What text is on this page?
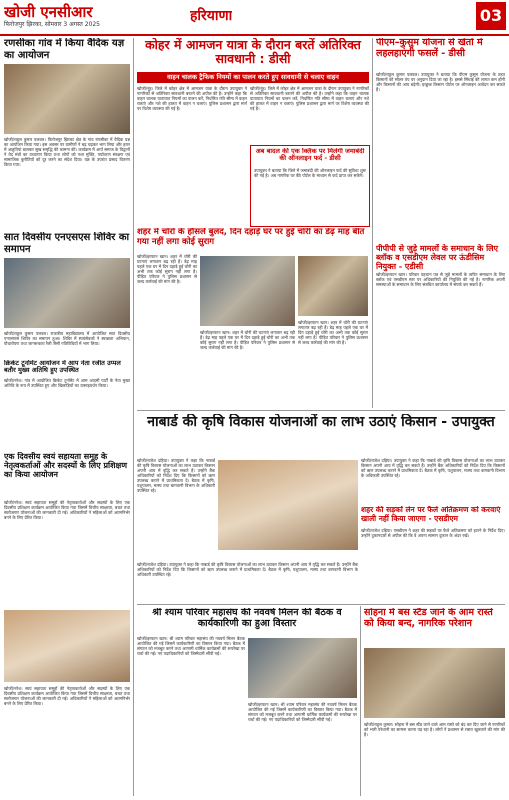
खोजी एनसीआर
फिरोजपुर झिरका, सोमवार 3 अगस्त 2025
हरियाणा	03
रणसीका गांव में किया वैदिक यज्ञ का आयोजन
खोजी/राहुल कुमार पलवल। फिरोजपुर झिरका क्षेत्र के गांव रणसीका में वैदिक यज्ञ का आयोजन किया गया। इस अवसर पर ग्रामीणों ने बढ़ चढ़कर भाग लिया और हवन में आहुतियां डालकर सुख समृद्धि की कामना की। कार्यक्रम में आर्य समाज के विद्वानों ने वेद मंत्रों का उच्चारण किया तथा लोगों को नशा मुक्ति, पर्यावरण संरक्षण एवं सामाजिक कुरीतियों को दूर करने का संदेश दिया। यज्ञ के उपरांत प्रसाद वितरण किया गया।
सात दिवसीय एनएसएस शिविर का समापन
खोजी/राहुल कुमार पलवल। राजकीय महाविद्यालय में आयोजित सात दिवसीय एनएसएस शिविर का समापन हुआ। शिविर में स्वयंसेवकों ने स्वच्छता अभियान, पौधारोपण तथा जागरूकता रैली जैसी गतिविधियों में भाग लिया।
क्रिकेट टूर्नामेंट आयोजन में आप नेता रजीत उप्पल बतौर मुख्य अतिथि हुए उपस्थित
खोजी/नरेश। गांव में आयोजित क्रिकेट टूर्नामेंट में आम आदमी पार्टी के नेता मुख्य अतिथि के रूप में उपस्थित हुए और खिलाड़ियों का उत्साहवर्धन किया।
एक दिवसीय स्वयं सहायता समूह के नेतृत्वकर्ताओं और सदस्यों के लिए प्रशिक्षण का किया आयोजन
खोजी/नरेश। स्वयं सहायता समूहों की नेतृत्वकर्ताओं और सदस्यों के लिए एक दिवसीय प्रशिक्षण कार्यक्रम आयोजित किया गया जिसमें वित्तीय साक्षरता, बचत तथा स्वरोजगार योजनाओं की जानकारी दी गई। अधिकारियों ने महिलाओं को आत्मनिर्भर बनने के लिए प्रेरित किया।
खोजी/नरेश। स्वयं सहायता समूहों की नेतृत्वकर्ताओं और सदस्यों के लिए एक दिवसीय प्रशिक्षण कार्यक्रम आयोजित किया गया जिसमें वित्तीय साक्षरता, बचत तथा स्वरोजगार योजनाओं की जानकारी दी गई। अधिकारियों ने महिलाओं को आत्मनिर्भर बनने के लिए प्रेरित किया।
कोहर में आमजन यात्रा के दौरान बरतें अतिरिक्त सावधानी : डीसी
वाहन चालक ट्रैफिक नियमों का पालन करते हुए सावधानी से चलाए वाहन
खोजी/नूंह। जिले में कोहर क्षेत्र में आमजन यात्रा के दौरान उपायुक्त ने नागरिकों से अतिरिक्त सावधानी बरतने की अपील की है। उन्होंने कहा कि वाहन चालक यातायात नियमों का पालन करें, निर्धारित गति सीमा में वाहन चलाएं और नशे की हालत में वाहन न चलाएं। पुलिस प्रशासन द्वारा मार्ग पर विशेष व्यवस्था की गई है।
खोजी/नूंह। जिले में कोहर क्षेत्र में आमजन यात्रा के दौरान उपायुक्त ने नागरिकों से अतिरिक्त सावधानी बरतने की अपील की है। उन्होंने कहा कि वाहन चालक यातायात नियमों का पालन करें, निर्धारित गति सीमा में वाहन चलाएं और नशे की हालत में वाहन न चलाएं। पुलिस प्रशासन द्वारा मार्ग पर विशेष व्यवस्था की गई है।
अब बादल की एक क्लिक पर मिलेगी जमाबंदी की ऑनलाइन फर्द - डीसी
उपायुक्त ने बताया कि जिले में जमाबंदी की ऑनलाइन फर्द की सुविधा शुरू की गई है। अब नागरिक घर बैठे पोर्टल के माध्यम से फर्द प्राप्त कर सकेंगे।
शहर में चोरों के हौसले बुलंद, दिन दहाड़े घर पर हुई चोरी का डेढ़ माह बीत गया नहीं लगा कोई सुराग
खोजी/इरफान खान। शहर में चोरी की घटनाएं लगातार बढ़ रही हैं। डेढ़ माह पहले एक घर में दिन दहाड़े हुई चोरी का अभी तक कोई सुराग नहीं लगा है। पीड़ित परिवार ने पुलिस प्रशासन से जल्द कार्रवाई की मांग की है।
खोजी/इरफान खान। शहर में चोरी की घटनाएं लगातार बढ़ रही हैं। डेढ़ माह पहले एक घर में दिन दहाड़े हुई चोरी का अभी तक कोई सुराग नहीं लगा है। पीड़ित परिवार ने पुलिस प्रशासन से जल्द कार्रवाई की मांग की है।
खोजी/इरफान खान। शहर में चोरी की घटनाएं लगातार बढ़ रही हैं। डेढ़ माह पहले एक घर में दिन दहाड़े हुई चोरी का अभी तक कोई सुराग नहीं लगा है। पीड़ित परिवार ने पुलिस प्रशासन से जल्द कार्रवाई की मांग की है।
पीएम–कुसुम योजना से खेतों में लहलहाएंगी फसलें - डीसी
खोजी/राहुल कुमार पलवल। उपायुक्त ने बताया कि पीएम कुसुम योजना के तहत किसानों को सोलर पंप पर अनुदान दिया जा रहा है। इससे सिंचाई की लागत कम होगी और किसानों की आय बढ़ेगी। इच्छुक किसान पोर्टल पर ऑनलाइन आवेदन कर सकते हैं।
पीपीपी से जुड़े मामलों के समाधान के लिए ब्लॉक व एसडीएम लेवल पर ऊंडीसिम नियुक्त - एडीसी
खोजी/इरफान खान। परिवार पहचान पत्र से जुड़े मामलों के त्वरित समाधान के लिए ब्लॉक एवं एसडीएम स्तर पर अधिकारियों की नियुक्ति की गई है। नागरिक अपनी समस्याओं के समाधान के लिए संबंधित कार्यालय में संपर्क कर सकते हैं।
नाबार्ड की कृषि विकास योजनाओं का लाभ उठाएं किसान - उपायुक्त
खोजी/राजेश दहिया। उपायुक्त ने कहा कि नाबार्ड की कृषि विकास योजनाओं का लाभ उठाकर किसान अपनी आय में वृद्धि कर सकते हैं। उन्होंने बैंक अधिकारियों को निर्देश दिए कि किसानों को ऋण उपलब्ध कराने में प्राथमिकता दें। बैठक में कृषि, पशुपालन, मत्स्य तथा बागवानी विभाग के अधिकारी उपस्थित रहे।
खोजी/राजेश दहिया। उपायुक्त ने कहा कि नाबार्ड की कृषि विकास योजनाओं का लाभ उठाकर किसान अपनी आय में वृद्धि कर सकते हैं। उन्होंने बैंक अधिकारियों को निर्देश दिए कि किसानों को ऋण उपलब्ध कराने में प्राथमिकता दें। बैठक में कृषि, पशुपालन, मत्स्य तथा बागवानी विभाग के अधिकारी उपस्थित रहे।
शहर की सड़कों लेन पर फैले अतिक्रमण को करवाएं खाली नहीं किया जाएगा - एसडीएम
खोजी/राजेश दहिया। एसडीएम ने शहर की सड़कों पर फैले अतिक्रमण को हटाने के निर्देश दिए। उन्होंने दुकानदारों से अपील की कि वे अपना सामान दुकान के अंदर रखें।
खोजी/राजेश दहिया। उपायुक्त ने कहा कि नाबार्ड की कृषि विकास योजनाओं का लाभ उठाकर किसान अपनी आय में वृद्धि कर सकते हैं। उन्होंने बैंक अधिकारियों को निर्देश दिए कि किसानों को ऋण उपलब्ध कराने में प्राथमिकता दें। बैठक में कृषि, पशुपालन, मत्स्य तथा बागवानी विभाग के अधिकारी उपस्थित रहे।
श्री श्याम परिवार महासंघ की नववर्ष मिलन की बैठक व कार्यकारिणी का हुआ विस्तार
खोजी/इरफान खान। श्री श्याम परिवार महासंघ की नववर्ष मिलन बैठक आयोजित की गई जिसमें कार्यकारिणी का विस्तार किया गया। बैठक में संगठन को मजबूत करने तथा आगामी धार्मिक कार्यक्रमों की रूपरेखा पर चर्चा की गई। नए पदाधिकारियों को जिम्मेदारी सौंपी गई।
खोजी/इरफान खान। श्री श्याम परिवार महासंघ की नववर्ष मिलन बैठक आयोजित की गई जिसमें कार्यकारिणी का विस्तार किया गया। बैठक में संगठन को मजबूत करने तथा आगामी धार्मिक कार्यक्रमों की रूपरेखा पर चर्चा की गई। नए पदाधिकारियों को जिम्मेदारी सौंपी गई।
सोहना में बस स्टैंड जाने के आम रास्ते को किया बन्द, नागरिक परेशान
खोजी/राहुल कुमार। सोहना में बस स्टैंड जाने वाले आम रास्ते को बंद कर दिए जाने से नागरिकों को भारी परेशानी का सामना करना पड़ रहा है। लोगों ने प्रशासन से रास्ता खुलवाने की मांग की है।
